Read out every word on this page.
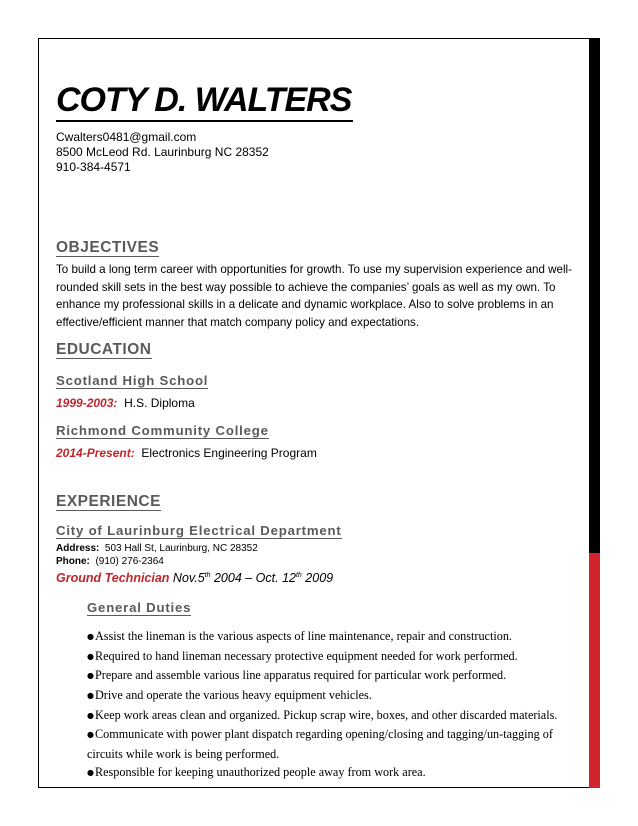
COTY D. WALTERS
Cwalters0481@gmail.com
8500 McLeod Rd. Laurinburg NC 28352
910-384-4571
OBJECTIVES
To build a long term career with opportunities for growth. To use my supervision experience and well-rounded skill sets in the best way possible to achieve the companies’ goals as well as my own. To enhance my professional skills in a delicate and dynamic workplace. Also to solve problems in an effective/efficient manner that match company policy and expectations.
EDUCATION
Scotland High School
1999-2003: H.S. Diploma
Richmond Community College
2014-Present: Electronics Engineering Program
EXPERIENCE
City of Laurinburg Electrical Department
Address: 503 Hall St, Laurinburg, NC 28352
Phone: (910) 276-2364
Ground Technician Nov.5th 2004 – Oct. 12th 2009
General Duties
●Assist the lineman is the various aspects of line maintenance, repair and construction.
●Required to hand lineman necessary protective equipment needed for work performed.
●Prepare and assemble various line apparatus required for particular work performed.
●Drive and operate the various heavy equipment vehicles.
●Keep work areas clean and organized. Pickup scrap wire, boxes, and other discarded materials.
●Communicate with power plant dispatch regarding opening/closing and tagging/un-tagging of circuits while work is being performed.
●Responsible for keeping unauthorized people away from work area.
